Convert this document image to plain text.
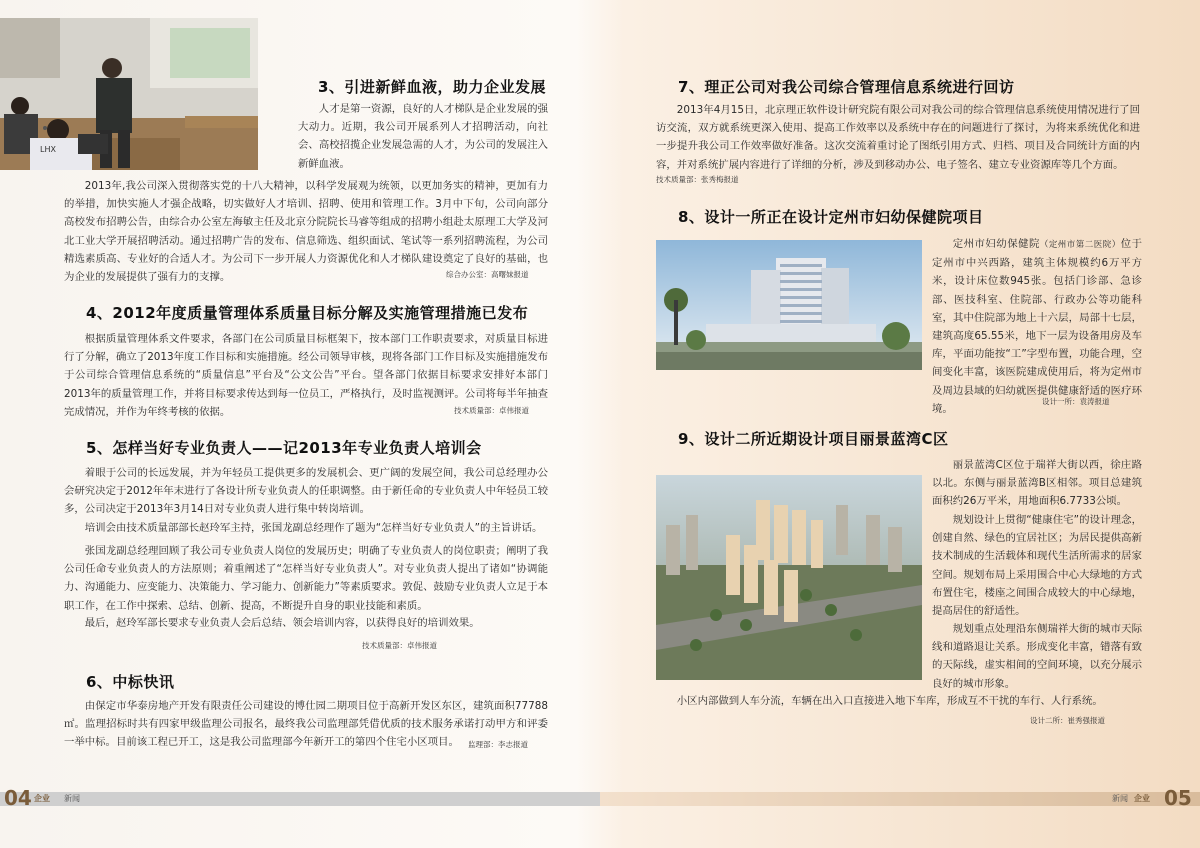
LHX
3、引进新鲜血液，助力企业发展

人才是第一资源，良好的人才梯队是企业发展的强大动力。近期，我公司开展系列人才招聘活动，向社会、高校招揽企业发展急需的人才，为公司的发展注入新鲜血液。

2013年,我公司深入贯彻落实党的十八大精神，以科学发展观为统领，以更加务实的精神，更加有力的举措，加快实施人才强企战略，切实做好人才培训、招聘、使用和管理工作。3月中下旬，公司向部分高校发布招聘公告，由综合办公室左海敏主任及北京分院院长马睿等组成的招聘小组赴太原理工大学及河北工业大学开展招聘活动。通过招聘广告的发布、信息筛选、组织面试、笔试等一系列招聘流程，为公司精选素质高、专业好的合适人才。为公司下一步开展人力资源优化和人才梯队建设奠定了良好的基础，也为企业的发展提供了强有力的支撑。	综合办公室：高曙妹报道

4、2012年度质量管理体系质量目标分解及实施管理措施已发布

根据质量管理体系文件要求，各部门在公司质量目标框架下，按本部门工作职责要求，对质量目标进行了分解，确立了2013年度工作目标和实施措施。经公司领导审核，现将各部门工作目标及实施措施发布于公司综合管理信息系统的“质量信息”平台及“公文公告”平台。望各部门依据目标要求安排好本部门2013年的质量管理工作，并将目标要求传达到每一位员工，严格执行，及时监视测评。公司将每半年抽查完成情况，并作为年终考核的依据。	技术质量部：卓伟报道

5、怎样当好专业负责人——记2013年专业负责人培训会

着眼于公司的长远发展，并为年轻员工提供更多的发展机会、更广阔的发展空间，我公司总经理办公会研究决定于2012年年末进行了各设计所专业负责人的任职调整。由于新任命的专业负责人中年轻员工较多，公司决定于2013年3月14日对专业负责人进行集中转岗培训。

培训会由技术质量部部长赵玲军主持，张国龙副总经理作了题为“怎样当好专业负责人”的主旨讲话。

张国龙副总经理回顾了我公司专业负责人岗位的发展历史；明确了专业负责人的岗位职责；阐明了我公司任命专业负责人的方法原则；着重阐述了“怎样当好专业负责人”。对专业负责人提出了诸如“协调能力、沟通能力、应变能力、决策能力、学习能力、创新能力”等素质要求。敦促、鼓励专业负责人立足于本职工作，在工作中探索、总结、创新、提高，不断提升自身的职业技能和素质。

最后，赵玲军部长要求专业负责人会后总结、领会培训内容，以获得良好的培训效果。

技术质量部：卓伟报道

6、中标快讯

由保定市华泰房地产开发有限责任公司建设的博仕园二期项目位于高新开发区东区，建筑面积77788㎡。监理招标时共有四家甲级监理公司报名，最终我公司监理部凭借优质的技术服务承诺打动甲方和评委一举中标。目前该工程已开工，这是我公司监理部今年新开工的第四个住宅小区项目。	监理部：李志报道

7、理正公司对我公司综合管理信息系统进行回访

2013年4月15日，北京理正软件设计研究院有限公司对我公司的综合管理信息系统使用情况进行了回访交流，双方就系统更深入使用、提高工作效率以及系统中存在的问题进行了探讨，为将来系统优化和进一步提升我公司工作效率做好准备。这次交流着重讨论了图纸引用方式、归档、项目及合同统计方面的内容，并对系统扩展内容进行了详细的分析，涉及到移动办公、电子签名、建立专业资源库等几个方面。

技术质量部：张秀梅报道

8、设计一所正在设计定州市妇幼保健院项目

定州市妇幼保健院（定州市第二医院）位于定州市中兴西路，建筑主体规模约6万平方米，设计床位数945张。包括门诊部、急诊部、医技科室、住院部、行政办公等功能科室，其中住院部为地上十六层，局部十七层，建筑高度65.55米，地下一层为设备用房及车库，平面功能按“工”字型布置，功能合理，空间变化丰富，该医院建成使用后，将为定州市及周边县域的妇幼就医提供健康舒适的医疗环境。

设计一所：袁涛报道

9、设计二所近期设计项目丽景蓝湾C区

丽景蓝湾C区位于瑞祥大街以西，徐庄路以北。东侧与丽景蓝湾B区相邻。项目总建筑面积约26万平米，用地面积6.7733公顷。

规划设计上贯彻“健康住宅”的设计理念，创建自然、绿色的宜居社区；为居民提供高新技术制成的生活载体和现代生活所需求的居家空间。规划布局上采用围合中心大绿地的方式布置住宅，楼座之间围合成较大的中心绿地，提高居住的舒适性。

规划重点处理沿东侧瑞祥大街的城市天际线和道路退让关系。形成变化丰富，错落有致的天际线，虚实相间的空间环境，以充分展示良好的城市形象。

小区内部做到人车分流，车辆在出入口直接进入地下车库，形成互不干扰的车行、人行系统。

设计二所：崔秀强报道

04 企业 新闻	新闻 企业 05
